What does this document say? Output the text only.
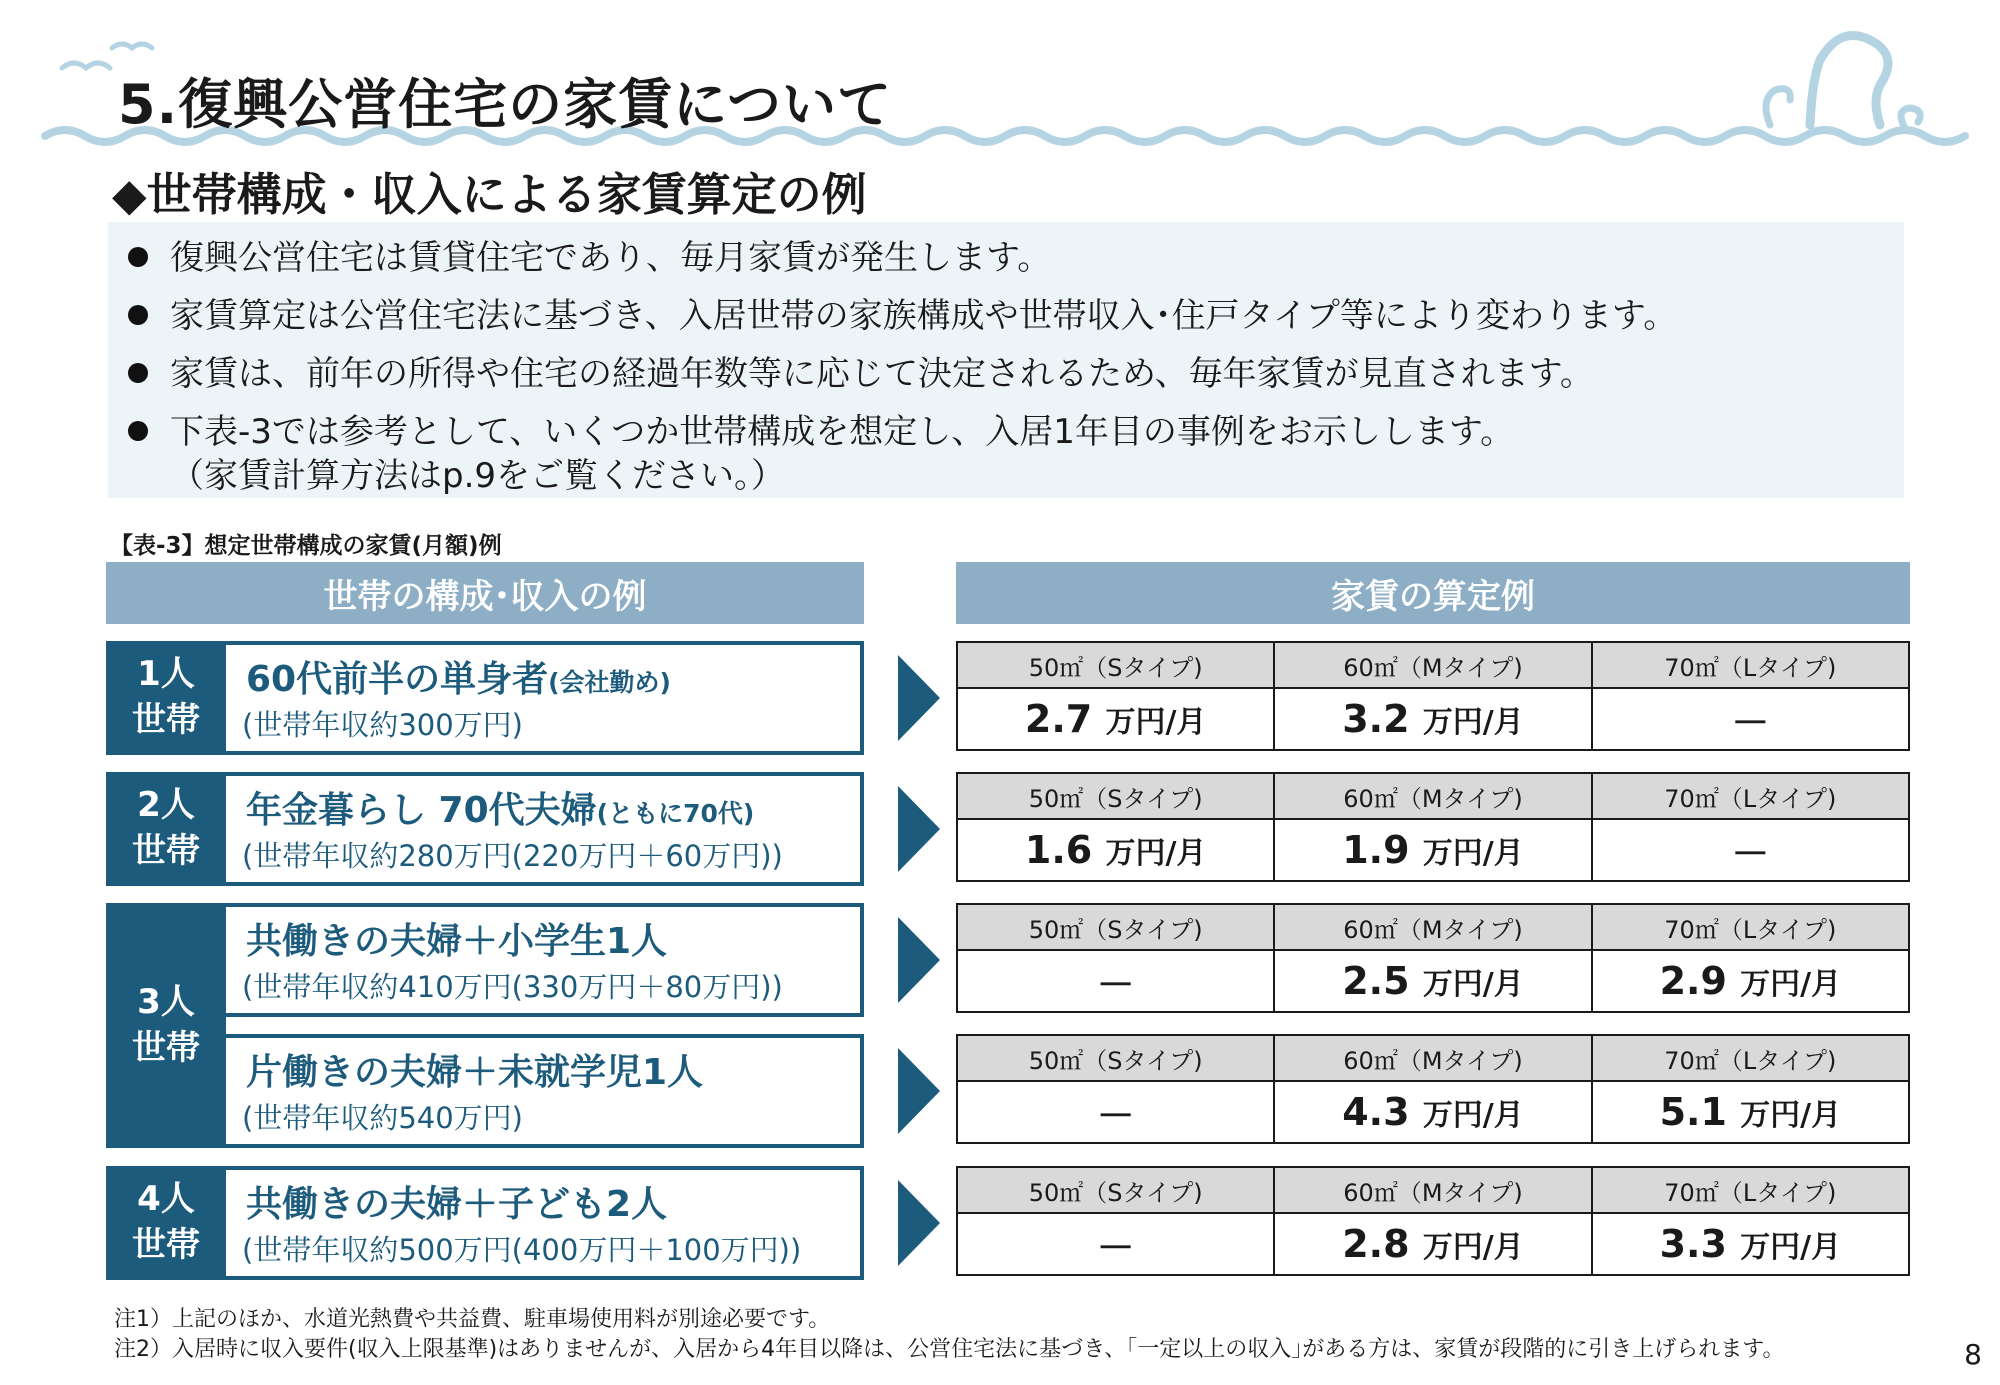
5.復興公営住宅の家賃について
◆世帯構成・収入による家賃算定の例
復興公営住宅は賃貸住宅であり、毎月家賃が発生します。
家賃算定は公営住宅法に基づき、入居世帯の家族構成や世帯収入･住戸タイプ等により変わります。
家賃は、前年の所得や住宅の経過年数等に応じて決定されるため、毎年家賃が見直されます。
下表-3では参考として、いくつか世帯構成を想定し、入居1年目の事例をお示しします。
（家賃計算方法はp.9をご覧ください。）
【表-3】想定世帯構成の家賃(月額)例
世帯の構成･収入の例	家賃の算定例
1人
世帯
60代前半の単身者(会社勤め)
(世帯年収約300万円)
2人
世帯
年金暮らし 70代夫婦(ともに70代)
(世帯年収約280万円(220万円＋60万円))
3人
世帯
共働きの夫婦＋小学生1人
(世帯年収約410万円(330万円＋80万円))
片働きの夫婦＋未就学児1人
(世帯年収約540万円)
4人
世帯
共働きの夫婦＋子ども2人
(世帯年収約500万円(400万円＋100万円))
50㎡（Sタイプ)	60㎡（Mタイプ)	70㎡（Lタイプ)
2.7 万円/月	3.2 万円/月	－
50㎡（Sタイプ)	60㎡（Mタイプ)	70㎡（Lタイプ)
1.6 万円/月	1.9 万円/月	－
50㎡（Sタイプ)	60㎡（Mタイプ)	70㎡（Lタイプ)
－	2.5 万円/月	2.9 万円/月
50㎡（Sタイプ)	60㎡（Mタイプ)	70㎡（Lタイプ)
－	4.3 万円/月	5.1 万円/月
50㎡（Sタイプ)	60㎡（Mタイプ)	70㎡（Lタイプ)
－	2.8 万円/月	3.3 万円/月
注1）上記のほか、水道光熱費や共益費、駐車場使用料が別途必要です。
注2）入居時に収入要件(収入上限基準)はありませんが、入居から4年目以降は、公営住宅法に基づき、｢一定以上の収入｣がある方は、家賃が段階的に引き上げられます。	8
